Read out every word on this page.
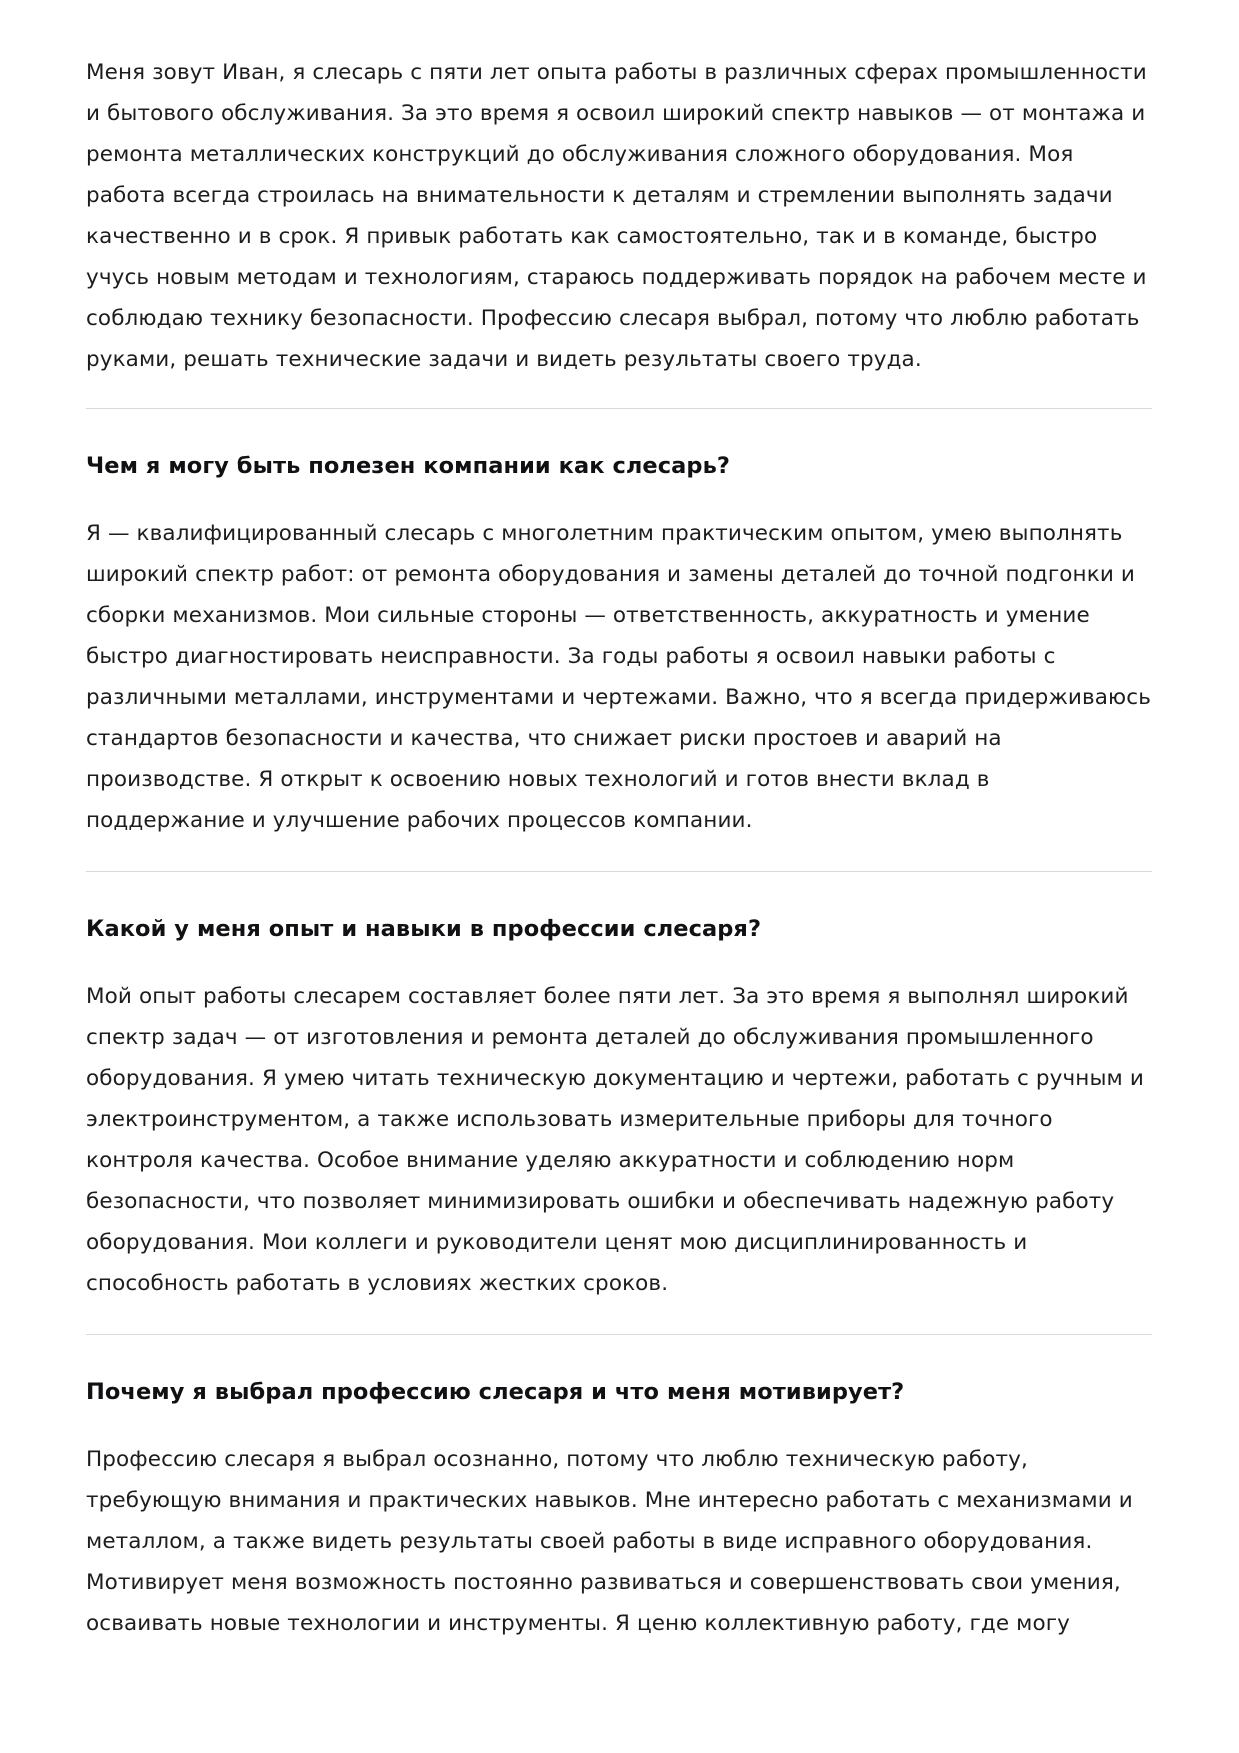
Меня зовут Иван, я слесарь с пяти лет опыта работы в различных сферах промышленности и бытового обслуживания. За это время я освоил широкий спектр навыков — от монтажа и ремонта металлических конструкций до обслуживания сложного оборудования. Моя работа всегда строилась на внимательности к деталям и стремлении выполнять задачи качественно и в срок. Я привык работать как самостоятельно, так и в команде, быстро учусь новым методам и технологиям, стараюсь поддерживать порядок на рабочем месте и соблюдаю технику безопасности. Профессию слесаря выбрал, потому что люблю работать руками, решать технические задачи и видеть результаты своего труда.

Чем я могу быть полезен компании как слесарь?

Я — квалифицированный слесарь с многолетним практическим опытом, умею выполнять широкий спектр работ: от ремонта оборудования и замены деталей до точной подгонки и сборки механизмов. Мои сильные стороны — ответственность, аккуратность и умение быстро диагностировать неисправности. За годы работы я освоил навыки работы с различными металлами, инструментами и чертежами. Важно, что я всегда придерживаюсь стандартов безопасности и качества, что снижает риски простоев и аварий на производстве. Я открыт к освоению новых технологий и готов внести вклад в поддержание и улучшение рабочих процессов компании.

Какой у меня опыт и навыки в профессии слесаря?

Мой опыт работы слесарем составляет более пяти лет. За это время я выполнял широкий спектр задач — от изготовления и ремонта деталей до обслуживания промышленного оборудования. Я умею читать техническую документацию и чертежи, работать с ручным и электроинструментом, а также использовать измерительные приборы для точного контроля качества. Особое внимание уделяю аккуратности и соблюдению норм безопасности, что позволяет минимизировать ошибки и обеспечивать надежную работу оборудования. Мои коллеги и руководители ценят мою дисциплинированность и способность работать в условиях жестких сроков.

Почему я выбрал профессию слесаря и что меня мотивирует?

Профессию слесаря я выбрал осознанно, потому что люблю техническую работу, требующую внимания и практических навыков. Мне интересно работать с механизмами и металлом, а также видеть результаты своей работы в виде исправного оборудования. Мотивирует меня возможность постоянно развиваться и совершенствовать свои умения, осваивать новые технологии и инструменты. Я ценю коллективную работу, где могу
